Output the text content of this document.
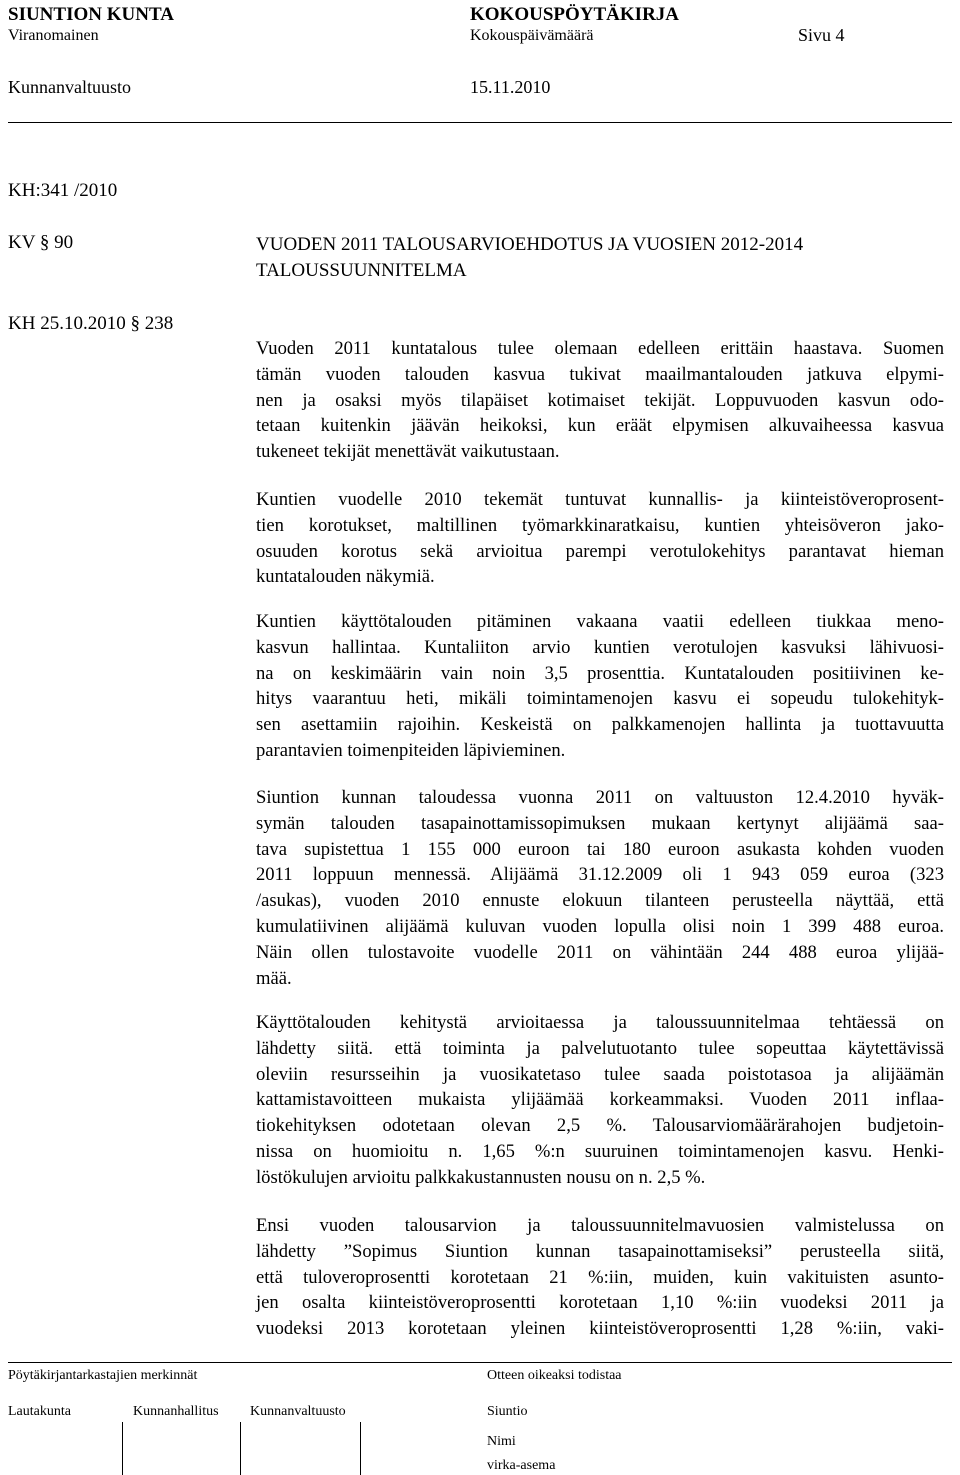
SIUNTION KUNTA	KOKOUSPÖYTÄKIRJA
Viranomainen	Kokouspäivämäärä	Sivu 4
Kunnanvaltuusto	15.11.2010
KH:341 /2010
KV § 90
KH 25.10.2010 § 238
VUODEN 2011 TALOUSARVIOEHDOTUS JA VUOSIEN 2012-2014
TALOUSSUUNNITELMA
Vuoden 2011 kuntatalous tulee olemaan edelleen erittäin haastava. Suomen
tämän vuoden talouden kasvua tukivat maailmantalouden jatkuva elpymi-
nen ja osaksi myös tilapäiset kotimaiset tekijät. Loppuvuoden kasvun odo-
tetaan kuitenkin jäävän heikoksi, kun eräät elpymisen alkuvaiheessa kasvua
tukeneet tekijät menettävät vaikutustaan.
Kuntien vuodelle 2010 tekemät tuntuvat kunnallis- ja kiinteistöveroprosent-
tien korotukset, maltillinen työmarkkinaratkaisu, kuntien yhteisöveron jako-
osuuden korotus sekä arvioitua parempi verotulokehitys parantavat hieman
kuntatalouden näkymiä.
Kuntien käyttötalouden pitäminen vakaana vaatii edelleen tiukkaa meno-
kasvun hallintaa. Kuntaliiton arvio kuntien verotulojen kasvuksi lähivuosi-
na on keskimäärin vain noin 3,5 prosenttia. Kuntatalouden positiivinen ke-
hitys vaarantuu heti, mikäli toimintamenojen kasvu ei sopeudu tulokehityk-
sen asettamiin rajoihin. Keskeistä on palkkamenojen hallinta ja tuottavuutta
parantavien toimenpiteiden läpivieminen.
Siuntion kunnan taloudessa vuonna 2011 on valtuuston 12.4.2010 hyväk-
symän talouden tasapainottamissopimuksen mukaan kertynyt alijäämä saa-
tava supistettua 1 155 000 euroon tai 180 euroon asukasta kohden vuoden
2011 loppuun mennessä. Alijäämä 31.12.2009 oli 1 943 059 euroa (323
/asukas), vuoden 2010 ennuste elokuun tilanteen perusteella näyttää, että
kumulatiivinen alijäämä kuluvan vuoden lopulla olisi noin 1 399 488 euroa.
Näin ollen tulostavoite vuodelle 2011 on vähintään 244 488 euroa ylijää-
mää.
Käyttötalouden kehitystä arvioitaessa ja taloussuunnitelmaa tehtäessä on
lähdetty siitä. että toiminta ja palvelutuotanto tulee sopeuttaa käytettävissä
oleviin resursseihin ja vuosikatetaso tulee saada poistotasoa ja alijäämän
kattamistavoitteen mukaista ylijäämää korkeammaksi. Vuoden 2011 inflaa-
tiokehityksen odotetaan olevan 2,5 %. Talousarviomäärärahojen budjetoin-
nissa on huomioitu n. 1,65 %:n suuruinen toimintamenojen kasvu. Henki-
löstökulujen arvioitu palkkakustannusten nousu on n. 2,5 %.
Ensi vuoden talousarvion ja taloussuunnitelmavuosien valmistelussa on
lähdetty ”Sopimus Siuntion kunnan tasapainottamiseksi” perusteella siitä,
että tuloveroprosentti korotetaan 21 %:iin, muiden, kuin vakituisten asunto-
jen osalta kiinteistöveroprosentti korotetaan 1,10 %:iin vuodeksi 2011 ja
vuodeksi 2013 korotetaan yleinen kiinteistöveroprosentti 1,28 %:iin, vaki-
Pöytäkirjantarkastajien merkinnät	Otteen oikeaksi todistaa
Lautakunta	Kunnanhallitus Kunnanvaltuusto	Siuntio
Nimi
virka-asema
